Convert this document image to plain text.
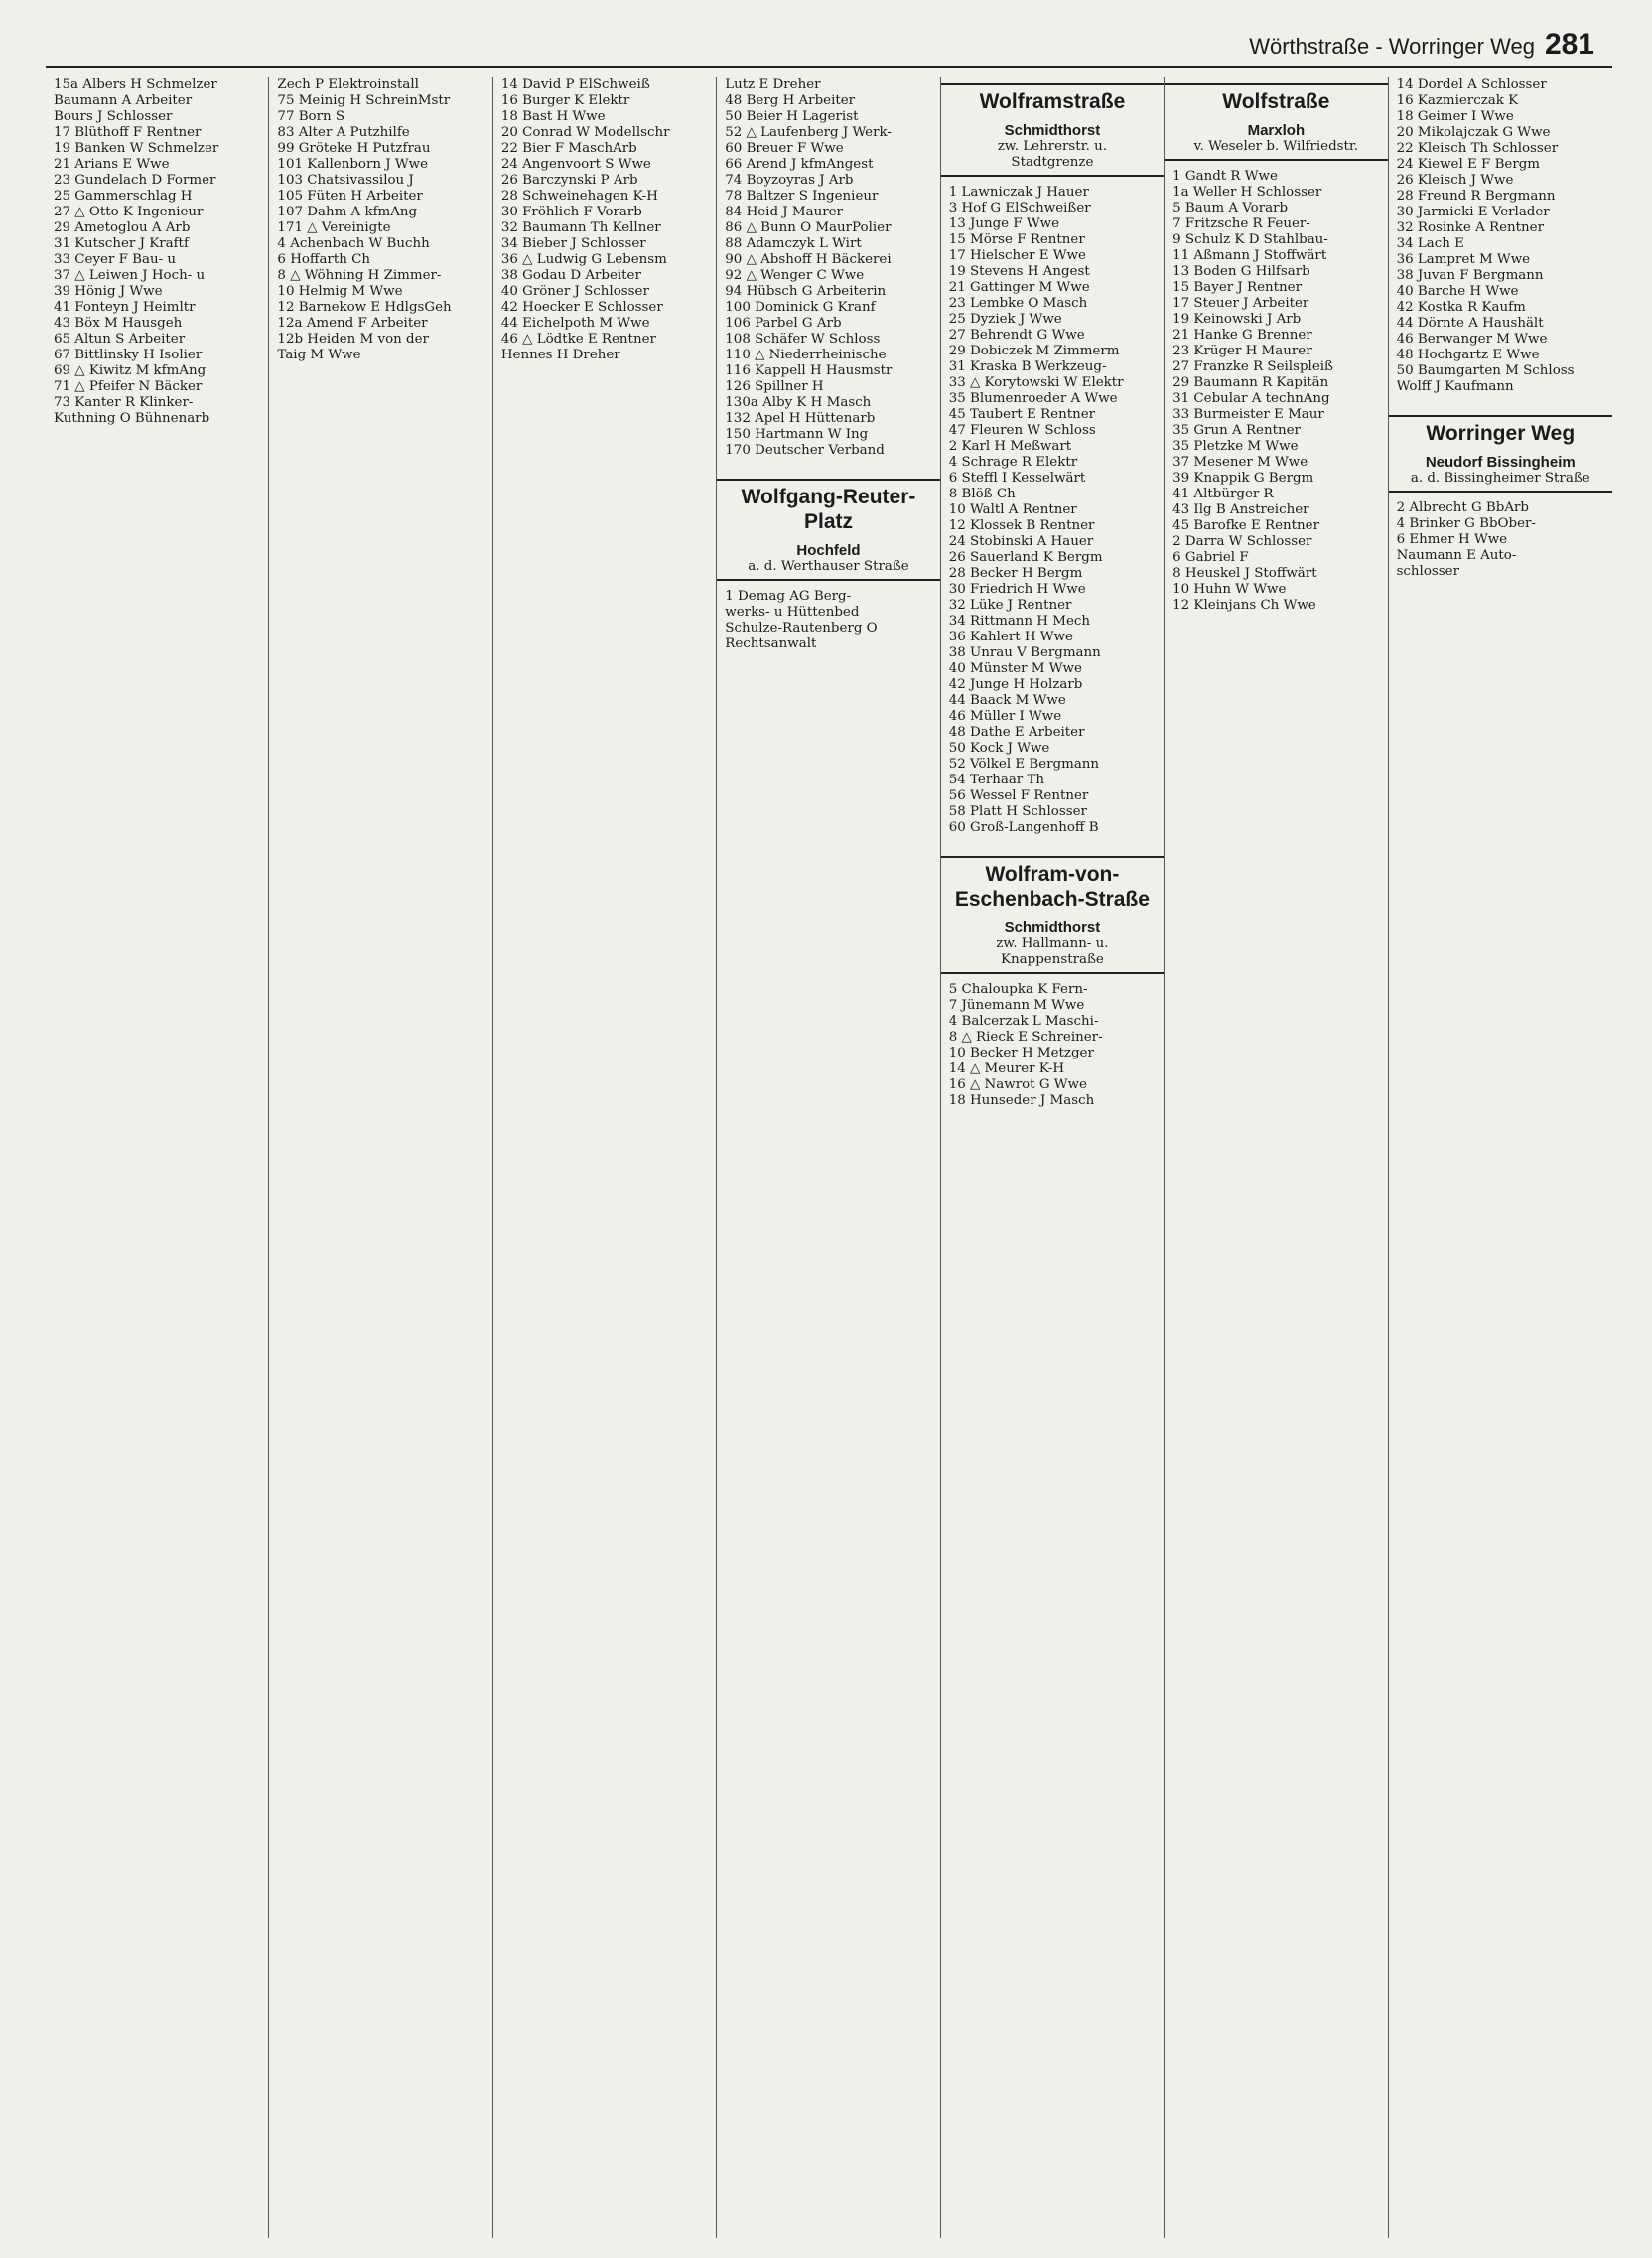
Wörthstraße - Worringer Weg 281
15a Albers H Schmelzer
Baumann A Arbeiter
Bours J Schlosser
17 Blüthoff F Rentner
19 Banken W Schmelzer
21 Arians E Wwe
23 Gundelach D Former
25 Gammerschlag H
27 △ Otto K Ingenieur
29 Ametoglou A Arb
31 Kutscher J Kraftf
33 Ceyer F Bau- u
37 △ Leiwen J Hoch- u
39 Hönig J Wwe
41 Fonteyn J Heimltr
43 Böx M Hausgeh
65 Altun S Arbeiter
67 Bittlinsky H Isolier
69 △ Kiwitz M kfmAng
71 △ Pfeifer N Bäcker
73 Kanter R Klinker-
Kuthning O Bühnenarb
Zech P Elektroinstall
75 Meinig H SchreinMstr
77 Born S
83 Alter A Putzhilfe
99 Gröteke H Putzfrau
101 Kallenborn J Wwe
103 Chatsivassilou J
105 Füten H Arbeiter
107 Dahm A kfmAng
171 △ Vereinigte
4 Achenbach W Buchh
6 Hoffarth Ch
8 △ Wöhning H Zimmer-
10 Helmig M Wwe
12 Barnekow E HdlgsGeh
12a Amend F Arbeiter
12b Heiden M von der
Taig M Wwe
14 David P ElSchweiß
16 Burger K Elektr
18 Bast H Wwe
20 Conrad W Modellschr
22 Bier F MaschArb
24 Angenvoort S Wwe
26 Barczynski P Arb
28 Schweinehagen K-H
30 Fröhlich F Vorarb
32 Baumann Th Kellner
34 Bieber J Schlosser
36 △ Ludwig G Lebensm
38 Godau D Arbeiter
40 Gröner J Schlosser
42 Hoecker E Schlosser
44 Eichelpoth M Wwe
46 △ Lödtke E Rentner
Hennes H Dreher
Lutz E Dreher
48 Berg H Arbeiter
50 Beier H Lagerist
52 △ Laufenberg J Werk-
60 Breuer F Wwe
66 Arend J kfmAngest
74 Boyzoyras J Arb
78 Baltzer S Ingenieur
84 Heid J Maurer
86 △ Bunn O MaurPolier
88 Adamczyk L Wirt
90 △ Abshoff H Bäckerei
92 △ Wenger C Wwe
94 Hübsch G Arbeiterin
100 Dominick G Kranf
106 Parbel G Arb
108 Schäfer W Schloss
110 △ Niederrheinische
116 Kappell H Hausmstr
126 Spillner H
130a Alby K H Masch
132 Apel H Hüttenarb
150 Hartmann W Ing
170 Deutscher Verband
Wolfgang-Reuter-Platz
Hochfeld
a. d. Werthauser Straße
1 Demag AG Berg-
werks- u Hüttenbed
Schulze-Rautenberg O
Rechtsanwalt
Wolframstraße
Schmidthorst
zw. Lehrerstr. u.
Stadtgrenze
1 Lawniczak J Hauer
3 Hof G ElSchweißer
13 Junge F Wwe
15 Mörse F Rentner
17 Hielscher E Wwe
19 Stevens H Angest
21 Gattinger M Wwe
23 Lembke O Masch
25 Dyziek J Wwe
27 Behrendt G Wwe
29 Dobiczek M Zimmerm
31 Kraska B Werkzeug-
33 △ Korytowski W Elektr
35 Blumenroeder A Wwe
45 Taubert E Rentner
47 Fleuren W Schloss
2 Karl H Meßwart
4 Schrage R Elektr
6 Steffl I Kesselwärt
8 Blöß Ch
10 Waltl A Rentner
12 Klossek B Rentner
24 Stobinski A Hauer
26 Sauerland K Bergm
28 Becker H Bergm
30 Friedrich H Wwe
32 Lüke J Rentner
34 Rittmann H Mech
36 Kahlert H Wwe
38 Unrau V Bergmann
40 Münster M Wwe
42 Junge H Holzarb
44 Baack M Wwe
46 Müller I Wwe
48 Dathe E Arbeiter
50 Kock J Wwe
52 Völkel E Bergmann
54 Terhaar Th
56 Wessel F Rentner
58 Platt H Schlosser
60 Groß-Langenhoff B
Wolfram-von-Eschenbach-Straße
Schmidthorst
zw. Hallmann- u.
Knappenstraße
5 Chaloupka K Fern-
7 Jünemann M Wwe
4 Balcerzak L Maschi-
8 △ Rieck E Schreiner-
10 Becker H Metzger
14 △ Meurer K-H
16 △ Nawrot G Wwe
18 Hunseder J Masch
Wolfstraße
Marxloh
v. Weseler b. Wilfriedstr.
1 Gandt R Wwe
1a Weller H Schlosser
5 Baum A Vorarb
7 Fritzsche R Feuer-
9 Schulz K D Stahlbau-
11 Aßmann J Stoffwärt
13 Boden G Hilfsarb
15 Bayer J Rentner
17 Steuer J Arbeiter
19 Keinowski J Arb
21 Hanke G Brenner
23 Krüger H Maurer
27 Franzke R Seilspleiß
29 Baumann R Kapitän
31 Cebular A technAng
33 Burmeister E Maur
35 Grun A Rentner
35 Pletzke M Wwe
37 Mesener M Wwe
39 Knappik G Bergm
41 Altbürger R
43 Ilg B Anstreicher
45 Barofke E Rentner
2 Darra W Schlosser
6 Gabriel F
8 Heuskel J Stoffwärt
10 Huhn W Wwe
12 Kleinjans Ch Wwe
14 Dordel A Schlosser
16 Kazmierczak K
18 Geimer I Wwe
20 Mikolajczak G Wwe
22 Kleisch Th Schlosser
24 Kiewel E F Bergm
26 Kleisch J Wwe
28 Freund R Bergmann
30 Jarmicki E Verlader
32 Rosinke A Rentner
34 Lach E
36 Lampret M Wwe
38 Juvan F Bergmann
40 Barche H Wwe
42 Kostka R Kaufm
44 Dörnte A Haushält
46 Berwanger M Wwe
48 Hochgartz E Wwe
50 Baumgarten M Schloss
Wolff J Kaufmann
Worringer Weg
Neudorf Bissingheim
a. d. Bissingheimer Straße
2 Albrecht G BbArb
4 Brinker G BbOber-
6 Ehmer H Wwe
Naumann E Auto-
schlosser
